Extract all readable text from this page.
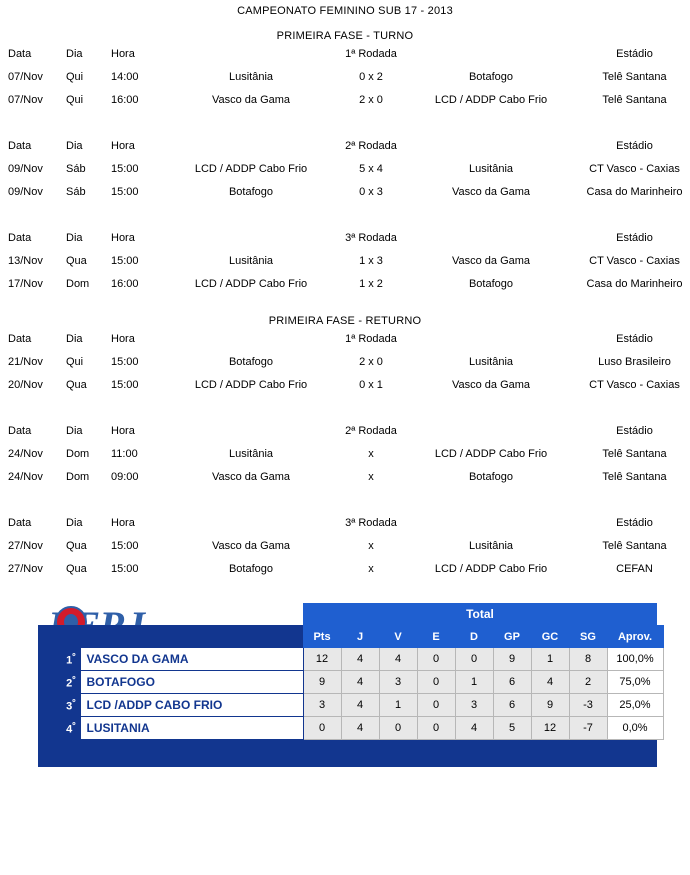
CAMPEONATO FEMININO SUB 17 - 2013
PRIMEIRA FASE - TURNO
Data	Dia	Hora		1ª Rodada		Estádio
07/Nov	Qui	14:00	Lusitânia	0 x 2	Botafogo	Telê Santana
07/Nov	Qui	16:00	Vasco da Gama	2 x 0	LCD / ADDP Cabo Frio	Telê Santana

Data	Dia	Hora		2ª Rodada		Estádio
09/Nov	Sáb	15:00	LCD / ADDP Cabo Frio	5 x 4	Lusitânia	CT Vasco - Caxias
09/Nov	Sáb	15:00	Botafogo	0 x 3	Vasco da Gama	Casa do Marinheiro

Data	Dia	Hora		3ª Rodada		Estádio
13/Nov	Qua	15:00	Lusitânia	1 x 3	Vasco da Gama	CT Vasco - Caxias
17/Nov	Dom	16:00	LCD / ADDP Cabo Frio	1 x 2	Botafogo	Casa do Marinheiro
PRIMEIRA FASE - RETURNO
Data	Dia	Hora		1ª Rodada		Estádio
21/Nov	Qui	15:00	Botafogo	2 x 0	Lusitânia	Luso Brasileiro
20/Nov	Qua	15:00	LCD / ADDP Cabo Frio	0 x 1	Vasco da Gama	CT Vasco - Caxias

Data	Dia	Hora		2ª Rodada		Estádio
24/Nov	Dom	11:00	Lusitânia	x	LCD / ADDP Cabo Frio	Telê Santana
24/Nov	Dom	09:00	Vasco da Gama	x	Botafogo	Telê Santana

Data	Dia	Hora		3ª Rodada		Estádio
27/Nov	Qua	15:00	Vasco da Gama	x	Lusitânia	Telê Santana
27/Nov	Qua	15:00	Botafogo	x	LCD / ADDP Cabo Frio	CEFAN
Total
		Pts	J	V	E	D	GP	GC	SG	Aprov.
$1^º$	VASCO DA GAMA	12	4	4	0	0	9	1	8	100,0%
$2^º$	BOTAFOGO	9	4	3	0	1	6	4	2	75,0%
$3^º$	LCD /ADDP CABO FRIO	3	4	1	0	3	6	9	-3	25,0%
$4^º$	LUSITANIA	0	4	0	0	4	5	12	-7	0,0%
